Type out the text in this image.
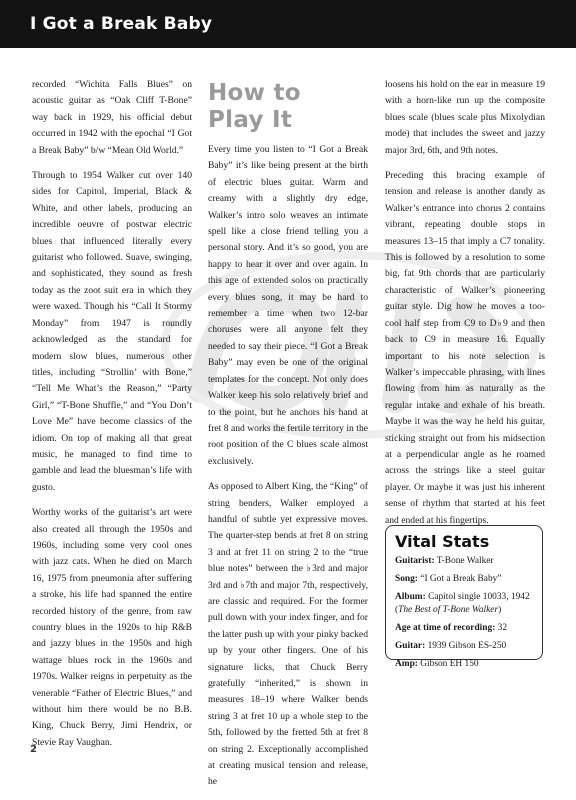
I Got a Break Baby

recorded “Wichita Falls Blues” on acoustic guitar as “Oak Cliff T-Bone” way back in 1929, his official debut occurred in 1942 with the epochal “I Got a Break Baby” b/w “Mean Old World.”

Through to 1954 Walker cut over 140 sides for Capitol, Imperial, Black & White, and other labels, producing an incredible oeuvre of postwar electric blues that influenced literally every guitarist who followed. Suave, swinging, and sophisticated, they sound as fresh today as the zoot suit era in which they were waxed. Though his “Call It Stormy Monday” from 1947 is roundly acknowledged as the standard for modern slow blues, numerous other titles, including “Strollin’ with Bone,” “Tell Me What’s the Reason,” “Party Girl,” “T-Bone Shuffle,” and “You Don’t Love Me” have become classics of the idiom. On top of making all that great music, he managed to find time to gamble and lead the bluesman’s life with gusto.

Worthy works of the guitarist’s art were also created all through the 1950s and 1960s, including some very cool ones with jazz cats. When he died on March 16, 1975 from pneumonia after suffering a stroke, his life had spanned the entire recorded history of the genre, from raw country blues in the 1920s to hip R&B and jazzy blues in the 1950s and high wattage blues rock in the 1960s and 1970s. Walker reigns in perpetuity as the venerable “Father of Electric Blues,” and without him there would be no B.B. King, Chuck Berry, Jimi Hendrix, or Stevie Ray Vaughan.

How to
Play It

Every time you listen to “I Got a Break Baby” it’s like being present at the birth of electric blues guitar. Warm and creamy with a slightly dry edge, Walker’s intro solo weaves an intimate spell like a close friend telling you a personal story. And it’s so good, you are happy to hear it over and over again. In this age of extended solos on practically every blues song, it may be hard to remember a time when two 12-bar choruses were all anyone felt they needed to say their piece. “I Got a Break Baby” may even be one of the original templates for the concept. Not only does Walker keep his solo relatively brief and to the point, but he anchors his hand at fret 8 and works the fertile territory in the root position of the C blues scale almost exclusively.

As opposed to Albert King, the “King” of string benders, Walker employed a handful of subtle yet expressive moves. The quarter-step bends at fret 8 on string 3 and at fret 11 on string 2 to the “true blue notes” between the ♭3rd and major 3rd and ♭7th and major 7th, respectively, are classic and required. For the former pull down with your index finger, and for the latter push up with your pinky backed up by your other fingers. One of his signature licks, that Chuck Berry gratefully “inherited,” is shown in measures 18–19 where Walker bends string 3 at fret 10 up a whole step to the 5th, followed by the fretted 5th at fret 8 on string 2. Exceptionally accomplished at creating musical tension and release, he

loosens his hold on the ear in measure 19 with a horn-like run up the composite blues scale (blues scale plus Mixolydian mode) that includes the sweet and jazzy major 3rd, 6th, and 9th notes.

Preceding this bracing example of tension and release is another dandy as Walker’s entrance into chorus 2 contains vibrant, repeating double stops in measures 13–15 that imply a C7 tonality. This is followed by a resolution to some big, fat 9th chords that are particularly characteristic of Walker’s pioneering guitar style. Dig how he moves a too-cool half step from C9 to D♭9 and then back to C9 in measure 16. Equally important to his note selection is Walker’s impeccable phrasing, with lines flowing from him as naturally as the regular intake and exhale of his breath. Maybe it was the way he held his guitar, sticking straight out from his midsection at a perpendicular angle as he roamed across the strings like a steel guitar player. Or maybe it was just his inherent sense of rhythm that started at his feet and ended at his fingertips.

Vital Stats
Guitarist: T-Bone Walker
Song: “I Got a Break Baby”
Album: Capitol single 10033, 1942 (The Best of T-Bone Walker)
Age at time of recording: 32
Guitar: 1939 Gibson ES-250
Amp: Gibson EH 150
2
